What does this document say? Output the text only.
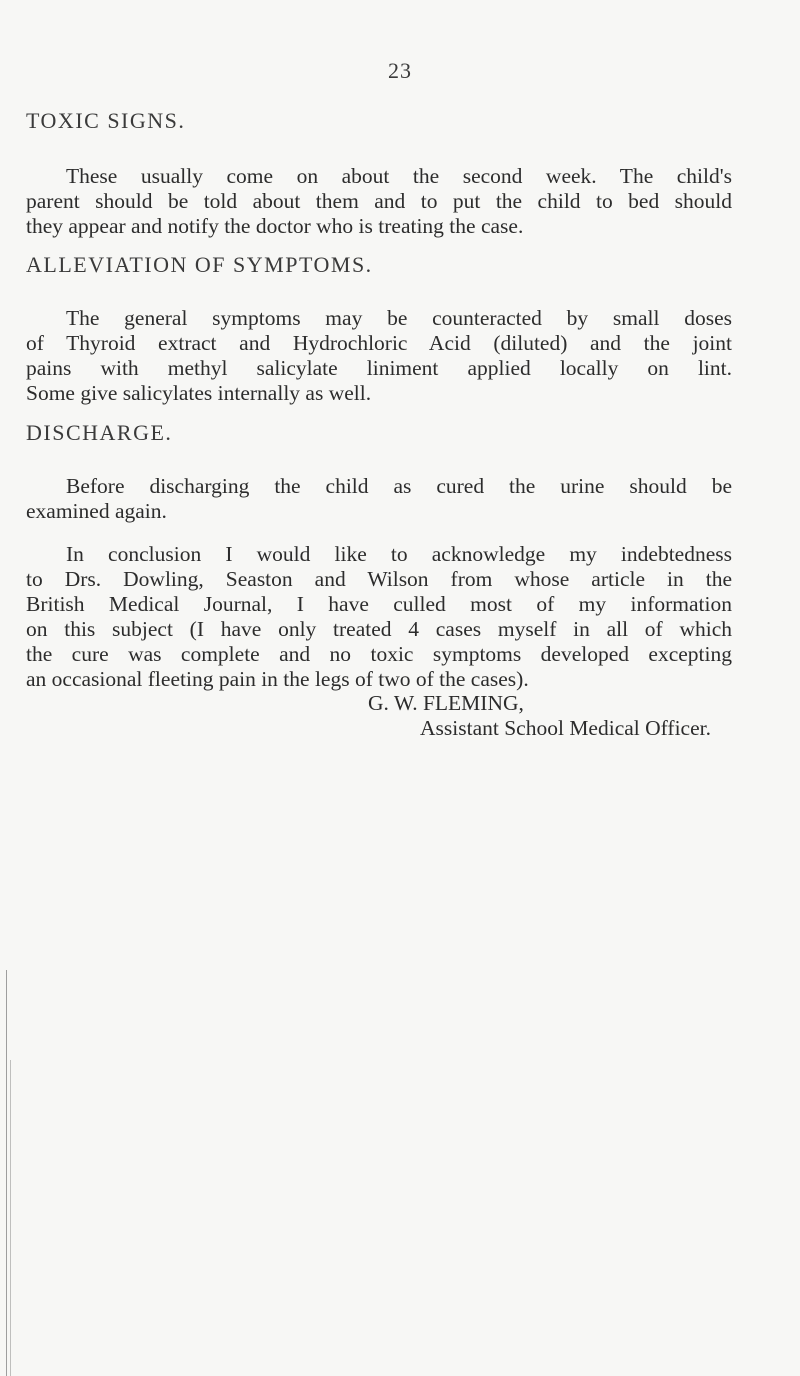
23
TOXIC SIGNS.
These usually come on about the second week. The child's
parent should be told about them and to put the child to bed should
they appear and notify the doctor who is treating the case.
ALLEVIATION OF SYMPTOMS.
The general symptoms may be counteracted by small doses
of Thyroid extract and Hydrochloric Acid (diluted) and the joint
pains with methyl salicylate liniment applied locally on lint.
Some give salicylates internally as well.
DISCHARGE.
Before discharging the child as cured the urine should be
examined again.
In conclusion I would like to acknowledge my indebtedness
to Drs. Dowling, Seaston and Wilson from whose article in the
British Medical Journal, I have culled most of my information
on this subject (I have only treated 4 cases myself in all of which
the cure was complete and no toxic symptoms developed excepting
an occasional fleeting pain in the legs of two of the cases).
G. W. FLEMING,
Assistant School Medical Officer.
